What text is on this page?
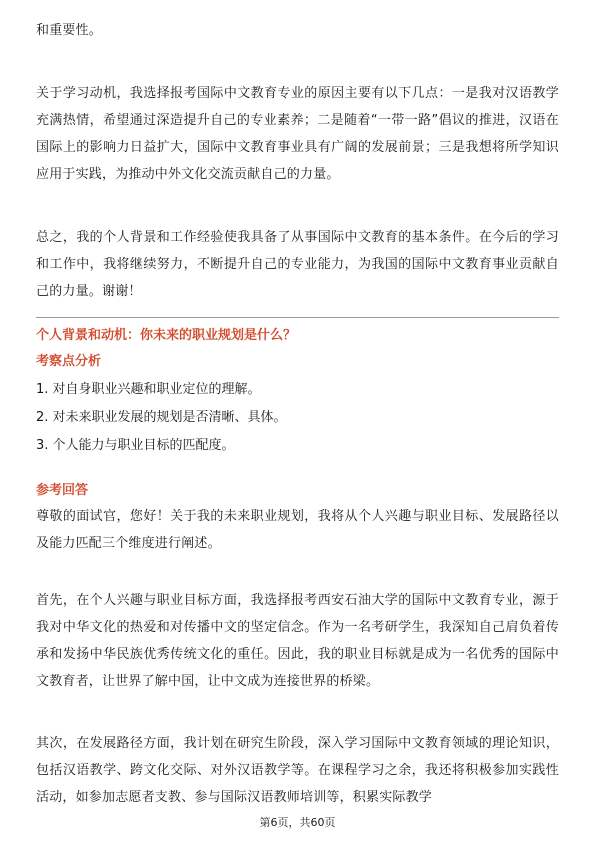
和重要性。

关于学习动机，我选择报考国际中文教育专业的原因主要有以下几点：一是我对汉语教学充满热情，希望通过深造提升自己的专业素养；二是随着“一带一路”倡议的推进，汉语在国际上的影响力日益扩大，国际中文教育事业具有广阔的发展前景；三是我想将所学知识应用于实践，为推动中外文化交流贡献自己的力量。

总之，我的个人背景和工作经验使我具备了从事国际中文教育的基本条件。在今后的学习和工作中，我将继续努力，不断提升自己的专业能力，为我国的国际中文教育事业贡献自己的力量。谢谢！

个人背景和动机：你未来的职业规划是什么？

考察点分析

1. 对自身职业兴趣和职业定位的理解。
2. 对未来职业发展的规划是否清晰、具体。
3. 个人能力与职业目标的匹配度。

参考回答

尊敬的面试官，您好！关于我的未来职业规划，我将从个人兴趣与职业目标、发展路径以及能力匹配三个维度进行阐述。

首先，在个人兴趣与职业目标方面，我选择报考西安石油大学的国际中文教育专业，源于我对中华文化的热爱和对传播中文的坚定信念。作为一名考研学生，我深知自己肩负着传承和发扬中华民族优秀传统文化的重任。因此，我的职业目标就是成为一名优秀的国际中文教育者，让世界了解中国，让中文成为连接世界的桥梁。

其次，在发展路径方面，我计划在研究生阶段，深入学习国际中文教育领域的理论知识，包括汉语教学、跨文化交际、对外汉语教学等。在课程学习之余，我还将积极参加实践性活动，如参加志愿者支教、参与国际汉语教师培训等，积累实际教学

第6页，共60页
